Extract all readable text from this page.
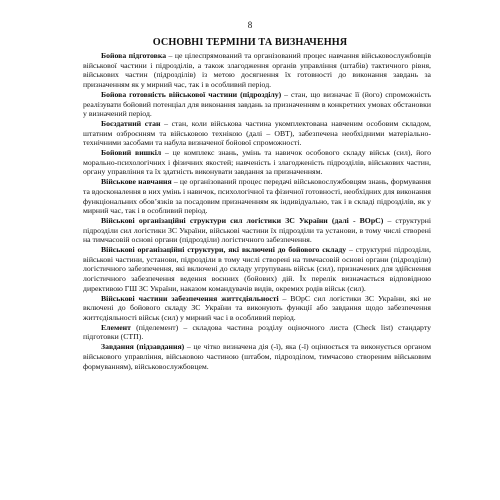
8
ОСНОВНІ ТЕРМІНИ ТА ВИЗНАЧЕННЯ

Бойова підготовка – це цілеспрямований та організований процес навчання військовослужбовців військової частини і підрозділів, а також злагодження органів управління (штабів) тактичного рівня, військових частин (підрозділів) із метою досягнення їх готовності до виконання завдань за призначенням як у мирний час, так і в особливий період.

Бойова готовність військової частини (підрозділу) – стан, що визначає її (його) спроможність реалізувати бойовий потенціал для виконання завдань за призначенням в конкретних умовах обстановки у визначений період.

Боєздатний стан – стан, коли військова частина укомплектована навченим особовим складом, штатним озброєнням та військовою технікою (далі – ОВТ), забезпечена необхідними матеріально-технічними засобами та набула визначеної бойової спроможності.

Бойовий вишкіл – це комплекс знань, умінь та навичок особового складу військ (сил), його морально-психологічних і фізичних якостей; навченість і злагодженість підрозділів, військових частин, органу управління та їх здатність виконувати завдання за призначенням.

Військове навчання – це організований процес передачі військовослужбовцям знань, формування та вдосконалення в них умінь і навичок, психологічної та фізичної готовності, необхідних для виконання функціональних обов’язків за посадовим призначенням як індивідуально, так і в складі підрозділів, як у мирний час, так і в особливий період.

Військові організаційні структури сил логістики ЗС України (далі - ВОрС) – структурні підрозділи сил логістики ЗС України, військові частини їх підрозділи та установи, в тому числі створені на тимчасовій основі органи (підрозділи) логістичного забезпечення.

Військові організаційні структури, які включені до бойового складу – структурні підрозділи, військові частини, установи, підрозділи в тому числі створені на тимчасовій основі органи (підрозділи) логістичного забезпечення, які включені до складу угрупувань військ (сил), призначених для здійснення логістичного забезпечення ведення воєнних (бойових) дій. Їх перелік визначається відповідною директивою ГШ ЗС України, наказом командувачів видів, окремих родів військ (сил).

Військові частини забезпечення життєдіяльності – ВОрС сил логістики ЗС України, які не включені до бойового складу ЗС України та виконують функції або завдання щодо забезпечення життєдіяльності військ (сил) у мирний час і в особливий період.

Елемент (піделемент) – складова частина розділу оціночного листа (Check list) стандарту підготовки (СТП).

Завдання (підзавдання) – це чітко визначена дія (-ї), яка (-ї) оцінюється та виконується органом військового управління, військовою частиною (штабом, підрозділом, тимчасово створеним військовим формуванням), військовослужбовцем.
